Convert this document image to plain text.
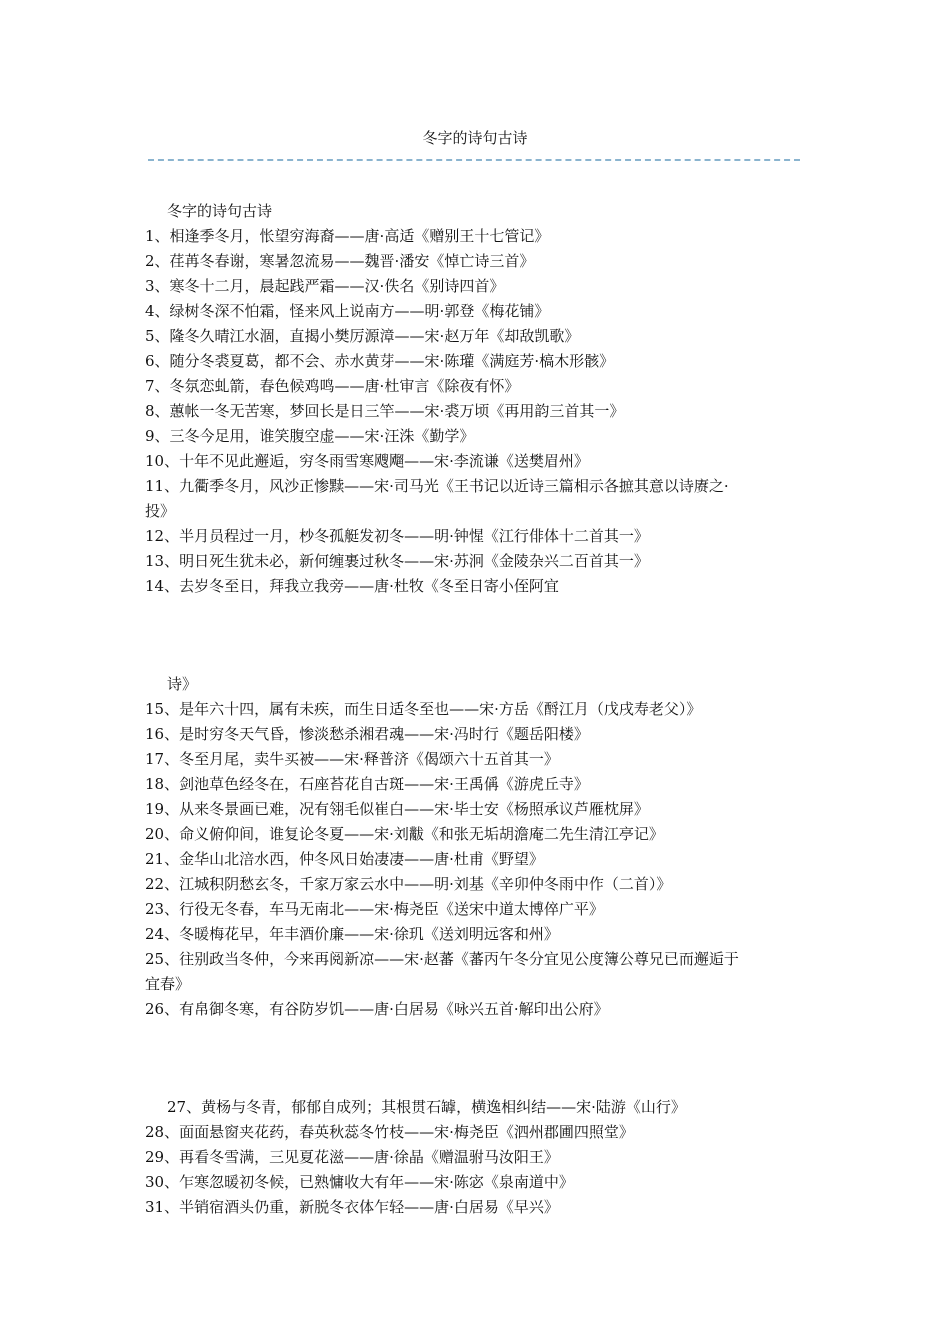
冬字的诗句古诗
冬字的诗句古诗
1、相逢季冬月，怅望穷海裔——唐·高适《赠别王十七管记》
2、荏苒冬春谢，寒暑忽流易——魏晋·潘安《悼亡诗三首》
3、寒冬十二月，晨起践严霜——汉·佚名《别诗四首》
4、绿树冬深不怕霜，怪来风上说南方——明·郭登《梅花铺》
5、隆冬久晴江水涸，直揭小樊厉源漳——宋·赵万年《却敌凯歌》
6、随分冬裘夏葛，都不会、赤水黄芽——宋·陈瓘《满庭芳·槁木形骸》
7、冬氛恋虬箭，春色候鸡鸣——唐·杜审言《除夜有怀》
8、蕙帐一冬无苦寒，梦回长是日三竿——宋·裘万顷《再用韵三首其一》
9、三冬今足用，谁笑腹空虚——宋·汪洙《勤学》
10、十年不见此邂逅，穷冬雨雪寒飕飗——宋·李流谦《送樊眉州》
11、九衢季冬月，风沙正惨黩——宋·司马光《王书记以近诗三篇相示各摭其意以诗赓之·
投》
12、半月员程过一月，杪冬孤艇发初冬——明·钟惺《江行俳体十二首其一》
13、明日死生犹未必，新何缠裹过秋冬——宋·苏泂《金陵杂兴二百首其一》
14、去岁冬至日，拜我立我旁——唐·杜牧《冬至日寄小侄阿宜
诗》
15、是年六十四，属有未疾，而生日适冬至也——宋·方岳《酹江月（戊戌寿老父）》
16、是时穷冬天气昏，惨淡愁杀湘君魂——宋·冯时行《题岳阳楼》
17、冬至月尾，卖牛买被——宋·释普济《偈颂六十五首其一》
18、剑池草色经冬在，石座苔花自古斑——宋·王禹偁《游虎丘寺》
19、从来冬景画已难，况有翎毛似崔白——宋·毕士安《杨照承议芦雁枕屏》
20、命义俯仰间，谁复论冬夏——宋·刘黻《和张无垢胡澹庵二先生清江亭记》
21、金华山北涪水西，仲冬风日始凄凄——唐·杜甫《野望》
22、江城积阴愁玄冬，千家万家云水中——明·刘基《辛卯仲冬雨中作（二首）》
23、行役无冬春，车马无南北——宋·梅尧臣《送宋中道太博倅广平》
24、冬暖梅花早，年丰酒价廉——宋·徐玑《送刘明远客和州》
25、往别政当冬仲，今来再阅新凉——宋·赵蕃《蕃丙午冬分宜见公度簿公尊兄已而邂逅于
宜春》
26、有帛御冬寒，有谷防岁饥——唐·白居易《咏兴五首·解印出公府》
27、黄杨与冬青，郁郁自成列；其根贯石罅，横逸相纠结——宋·陆游《山行》
28、面面悬窗夹花药，春英秋蕊冬竹枝——宋·梅尧臣《泗州郡圃四照堂》
29、再看冬雪满，三见夏花滋——唐·徐晶《赠温驸马汝阳王》
30、乍寒忽暖初冬候，已熟慵收大有年——宋·陈宓《泉南道中》
31、半销宿酒头仍重，新脱冬衣体乍轻——唐·白居易《早兴》
